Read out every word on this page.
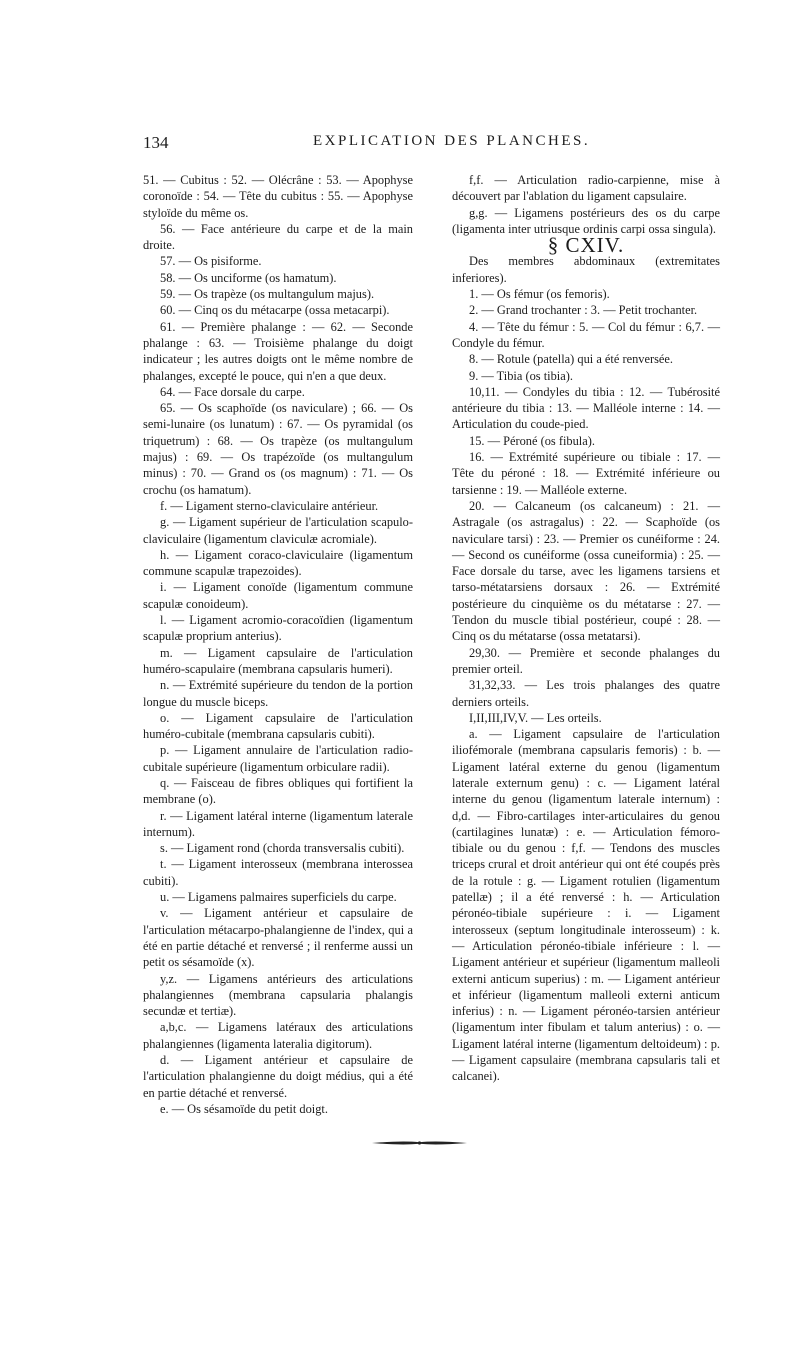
134	EXPLICATION DES PLANCHES.

51. — Cubitus : 52. — Olécrâne : 53. — Apophyse coronoïde : 54. — Tête du cubitus : 55. — Apophyse styloïde du même os.

56. — Face antérieure du carpe et de la main droite.

57. — Os pisiforme.

58. — Os unciforme (os hamatum).

59. — Os trapèze (os multangulum majus).

60. — Cinq os du métacarpe (ossa metacarpi).

61. — Première phalange : — 62. — Seconde phalange : 63. — Troisième phalange du doigt indicateur ; les autres doigts ont le même nombre de phalanges, excepté le pouce, qui n'en a que deux.

64. — Face dorsale du carpe.

65. — Os scaphoïde (os naviculare) ; 66. — Os semi-lunaire (os lunatum) : 67. — Os pyramidal (os triquetrum) : 68. — Os trapèze (os multangulum majus) : 69. — Os trapézoïde (os multangulum minus) : 70. — Grand os (os magnum) : 71. — Os crochu (os hamatum).

f. — Ligament sterno-claviculaire antérieur.

g. — Ligament supérieur de l'articulation scapulo-claviculaire (ligamentum claviculæ acromiale).

h. — Ligament coraco-claviculaire (ligamentum commune scapulæ trapezoides).

i. — Ligament conoïde (ligamentum commune scapulæ conoideum).

l. — Ligament acromio-coracoïdien (ligamentum scapulæ proprium anterius).

m. — Ligament capsulaire de l'articulation huméro-scapulaire (membrana capsularis humeri).

n. — Extrémité supérieure du tendon de la portion longue du muscle biceps.

o. — Ligament capsulaire de l'articulation huméro-cubitale (membrana capsularis cubiti).

p. — Ligament annulaire de l'articulation radio-cubitale supérieure (ligamentum orbiculare radii).

q. — Faisceau de fibres obliques qui fortifient la membrane (o).

r. — Ligament latéral interne (ligamentum laterale internum).

s. — Ligament rond (chorda transversalis cubiti).

t. — Ligament interosseux (membrana interossea cubiti).

u. — Ligamens palmaires superficiels du carpe.

v. — Ligament antérieur et capsulaire de l'articulation métacarpo-phalangienne de l'index, qui a été en partie détaché et renversé ; il renferme aussi un petit os sésamoïde (x).

y,z. — Ligamens antérieurs des articulations phalangiennes (membrana capsularia phalangis secundæ et tertiæ).

a,b,c. — Ligamens latéraux des articulations phalangiennes (ligamenta lateralia digitorum).

d. — Ligament antérieur et capsulaire de l'articulation phalangienne du doigt médius, qui a été en partie détaché et renversé.

e. — Os sésamoïde du petit doigt.

f,f. — Articulation radio-carpienne, mise à découvert par l'ablation du ligament capsulaire.

g,g. — Ligamens postérieurs des os du carpe (ligamenta inter utriusque ordinis carpi ossa singula).

§ CXIV.

Des membres abdominaux (extremitates inferiores).

1. — Os fémur (os femoris).

2. — Grand trochanter : 3. — Petit trochanter.

4. — Tête du fémur : 5. — Col du fémur : 6,7. — Condyle du fémur.

8. — Rotule (patella) qui a été renversée.

9. — Tibia (os tibia).

10,11. — Condyles du tibia : 12. — Tubérosité antérieure du tibia : 13. — Malléole interne : 14. — Articulation du coude-pied.

15. — Péroné (os fibula).

16. — Extrémité supérieure ou tibiale : 17. — Tête du péroné : 18. — Extrémité inférieure ou tarsienne : 19. — Malléole externe.

20. — Calcaneum (os calcaneum) : 21. — Astragale (os astragalus) : 22. — Scaphoïde (os naviculare tarsi) : 23. — Premier os cunéiforme : 24. — Second os cunéiforme (ossa cuneiformia) : 25. — Face dorsale du tarse, avec les ligamens tarsiens et tarso-métatarsiens dorsaux : 26. — Extrémité postérieure du cinquième os du métatarse : 27. — Tendon du muscle tibial postérieur, coupé : 28. — Cinq os du métatarse (ossa metatarsi).

29,30. — Première et seconde phalanges du premier orteil.

31,32,33. — Les trois phalanges des quatre derniers orteils.

I,II,III,IV,V. — Les orteils.

a. — Ligament capsulaire de l'articulation iliofémorale (membrana capsularis femoris) : b. — Ligament latéral externe du genou (ligamentum laterale externum genu) : c. — Ligament latéral interne du genou (ligamentum laterale internum) : d,d. — Fibro-cartilages inter-articulaires du genou (cartilagines lunatæ) : e. — Articulation fémoro-tibiale ou du genou : f,f. — Tendons des muscles triceps crural et droit antérieur qui ont été coupés près de la rotule : g. — Ligament rotulien (ligamentum patellæ) ; il a été renversé : h. — Articulation péronéo-tibiale supérieure : i. — Ligament interosseux (septum longitudinale interosseum) : k. — Articulation péronéo-tibiale inférieure : l. — Ligament antérieur et supérieur (ligamentum malleoli externi anticum superius) : m. — Ligament antérieur et inférieur (ligamentum malleoli externi anticum inferius) : n. — Ligament péronéo-tarsien antérieur (ligamentum inter fibulam et talum anterius) : o. — Ligament latéral interne (ligamentum deltoideum) : p. — Ligament capsulaire (membrana capsularis tali et calcanei).
